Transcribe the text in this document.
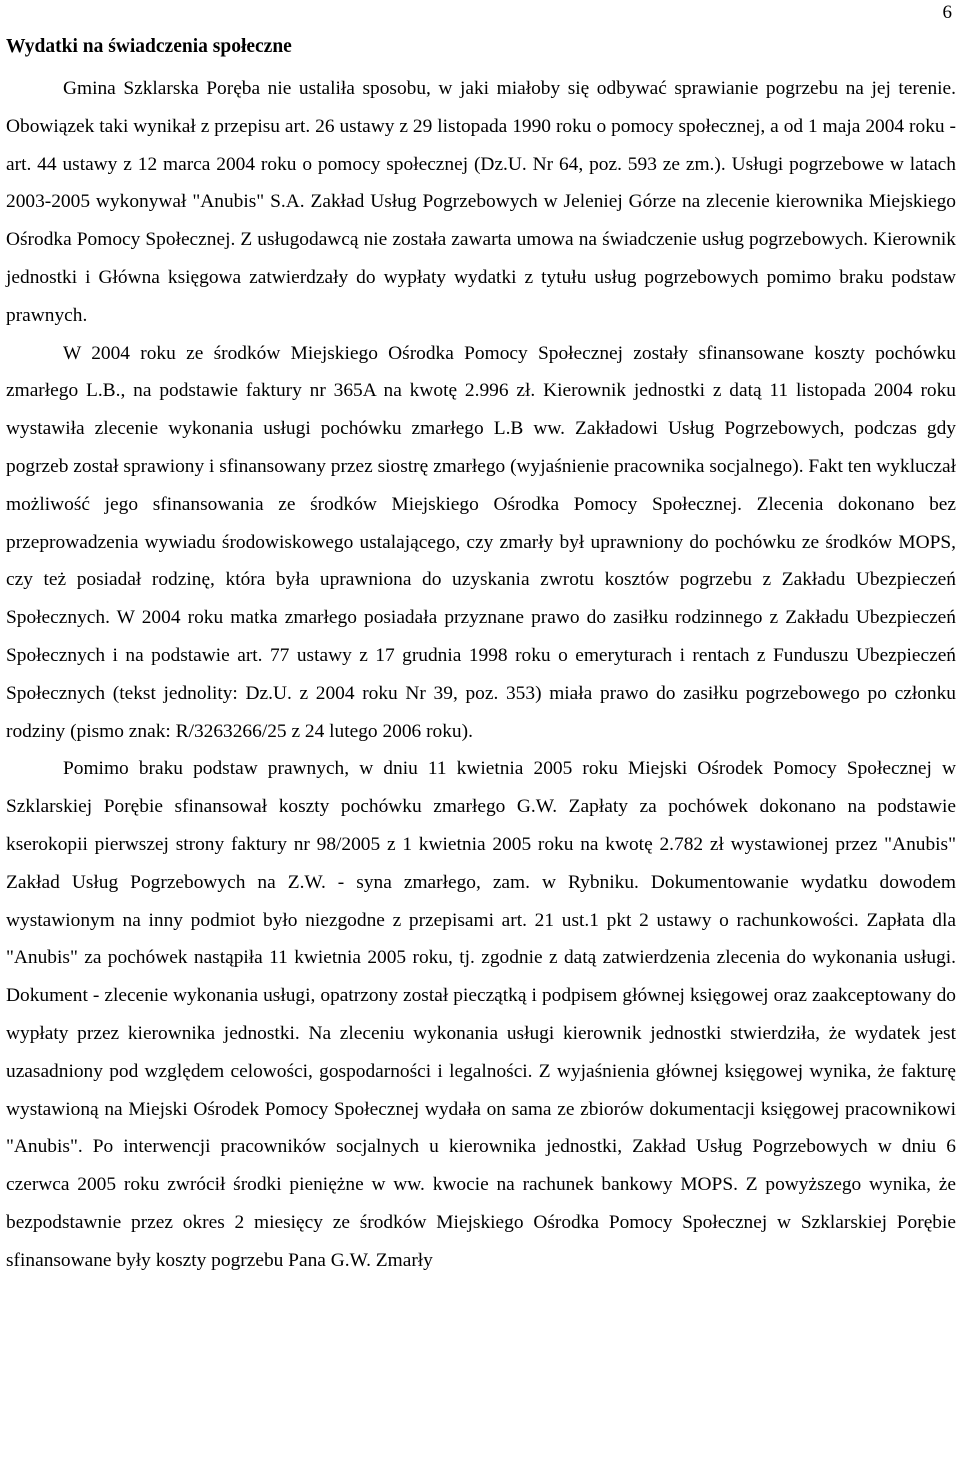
6
Wydatki na świadczenia społeczne

Gmina Szklarska Poręba nie ustaliła sposobu, w jaki miałoby się odbywać sprawianie pogrzebu na jej terenie. Obowiązek taki wynikał z przepisu art. 26 ustawy z 29 listopada 1990 roku o pomocy społecznej, a od 1 maja 2004 roku - art. 44 ustawy z 12 marca 2004 roku o pomocy społecznej (Dz.U. Nr 64, poz. 593 ze zm.). Usługi pogrzebowe w latach 2003-2005 wykonywał "Anubis" S.A. Zakład Usług Pogrzebowych w Jeleniej Górze na zlecenie kierownika Miejskiego Ośrodka Pomocy Społecznej. Z usługodawcą nie została zawarta umowa na świadczenie usług pogrzebowych. Kierownik jednostki i Główna księgowa zatwierdzały do wypłaty wydatki z tytułu usług pogrzebowych pomimo braku podstaw prawnych.

W 2004 roku ze środków Miejskiego Ośrodka Pomocy Społecznej zostały sfinansowane koszty pochówku zmarłego L.B., na podstawie faktury nr 365A na kwotę 2.996 zł. Kierownik jednostki z datą 11 listopada 2004 roku wystawiła zlecenie wykonania usługi pochówku zmarłego L.B ww. Zakładowi Usług Pogrzebowych, podczas gdy pogrzeb został sprawiony i sfinansowany przez siostrę zmarłego (wyjaśnienie pracownika socjalnego). Fakt ten wykluczał możliwość jego sfinansowania ze środków Miejskiego Ośrodka Pomocy Społecznej. Zlecenia dokonano bez przeprowadzenia wywiadu środowiskowego ustalającego, czy zmarły był uprawniony do pochówku ze środków MOPS, czy też posiadał rodzinę, która była uprawniona do uzyskania zwrotu kosztów pogrzebu z Zakładu Ubezpieczeń Społecznych. W 2004 roku matka zmarłego posiadała przyznane prawo do zasiłku rodzinnego z Zakładu Ubezpieczeń Społecznych i na podstawie art. 77 ustawy z 17 grudnia 1998 roku o emeryturach i rentach z Funduszu Ubezpieczeń Społecznych (tekst jednolity: Dz.U. z 2004 roku Nr 39, poz. 353) miała prawo do zasiłku pogrzebowego po członku rodziny (pismo znak: R/3263266/25 z 24 lutego 2006 roku).

Pomimo braku podstaw prawnych, w dniu 11 kwietnia 2005 roku Miejski Ośrodek Pomocy Społecznej w Szklarskiej Porębie sfinansował koszty pochówku zmarłego G.W. Zapłaty za pochówek dokonano na podstawie kserokopii pierwszej strony faktury nr 98/2005 z 1 kwietnia 2005 roku na kwotę 2.782 zł wystawionej przez "Anubis" Zakład Usług Pogrzebowych na Z.W. - syna zmarłego, zam. w Rybniku. Dokumentowanie wydatku dowodem wystawionym na inny podmiot było niezgodne z przepisami art. 21 ust.1 pkt 2 ustawy o rachunkowości. Zapłata dla "Anubis" za pochówek nastąpiła 11 kwietnia 2005 roku, tj. zgodnie z datą zatwierdzenia zlecenia do wykonania usługi. Dokument - zlecenie wykonania usługi, opatrzony został pieczątką i podpisem głównej księgowej oraz zaakceptowany do wypłaty przez kierownika jednostki. Na zleceniu wykonania usługi kierownik jednostki stwierdziła, że wydatek jest uzasadniony pod względem celowości, gospodarności i legalności. Z wyjaśnienia głównej księgowej wynika, że fakturę wystawioną na Miejski Ośrodek Pomocy Społecznej wydała on sama ze zbiorów dokumentacji księgowej pracownikowi "Anubis". Po interwencji pracowników socjalnych u kierownika jednostki, Zakład Usług Pogrzebowych w dniu 6 czerwca 2005 roku zwrócił środki pieniężne w ww. kwocie na rachunek bankowy MOPS. Z powyższego wynika, że bezpodstawnie przez okres 2 miesięcy ze środków Miejskiego Ośrodka Pomocy Społecznej w Szklarskiej Porębie sfinansowane były koszty pogrzebu Pana G.W. Zmarły
